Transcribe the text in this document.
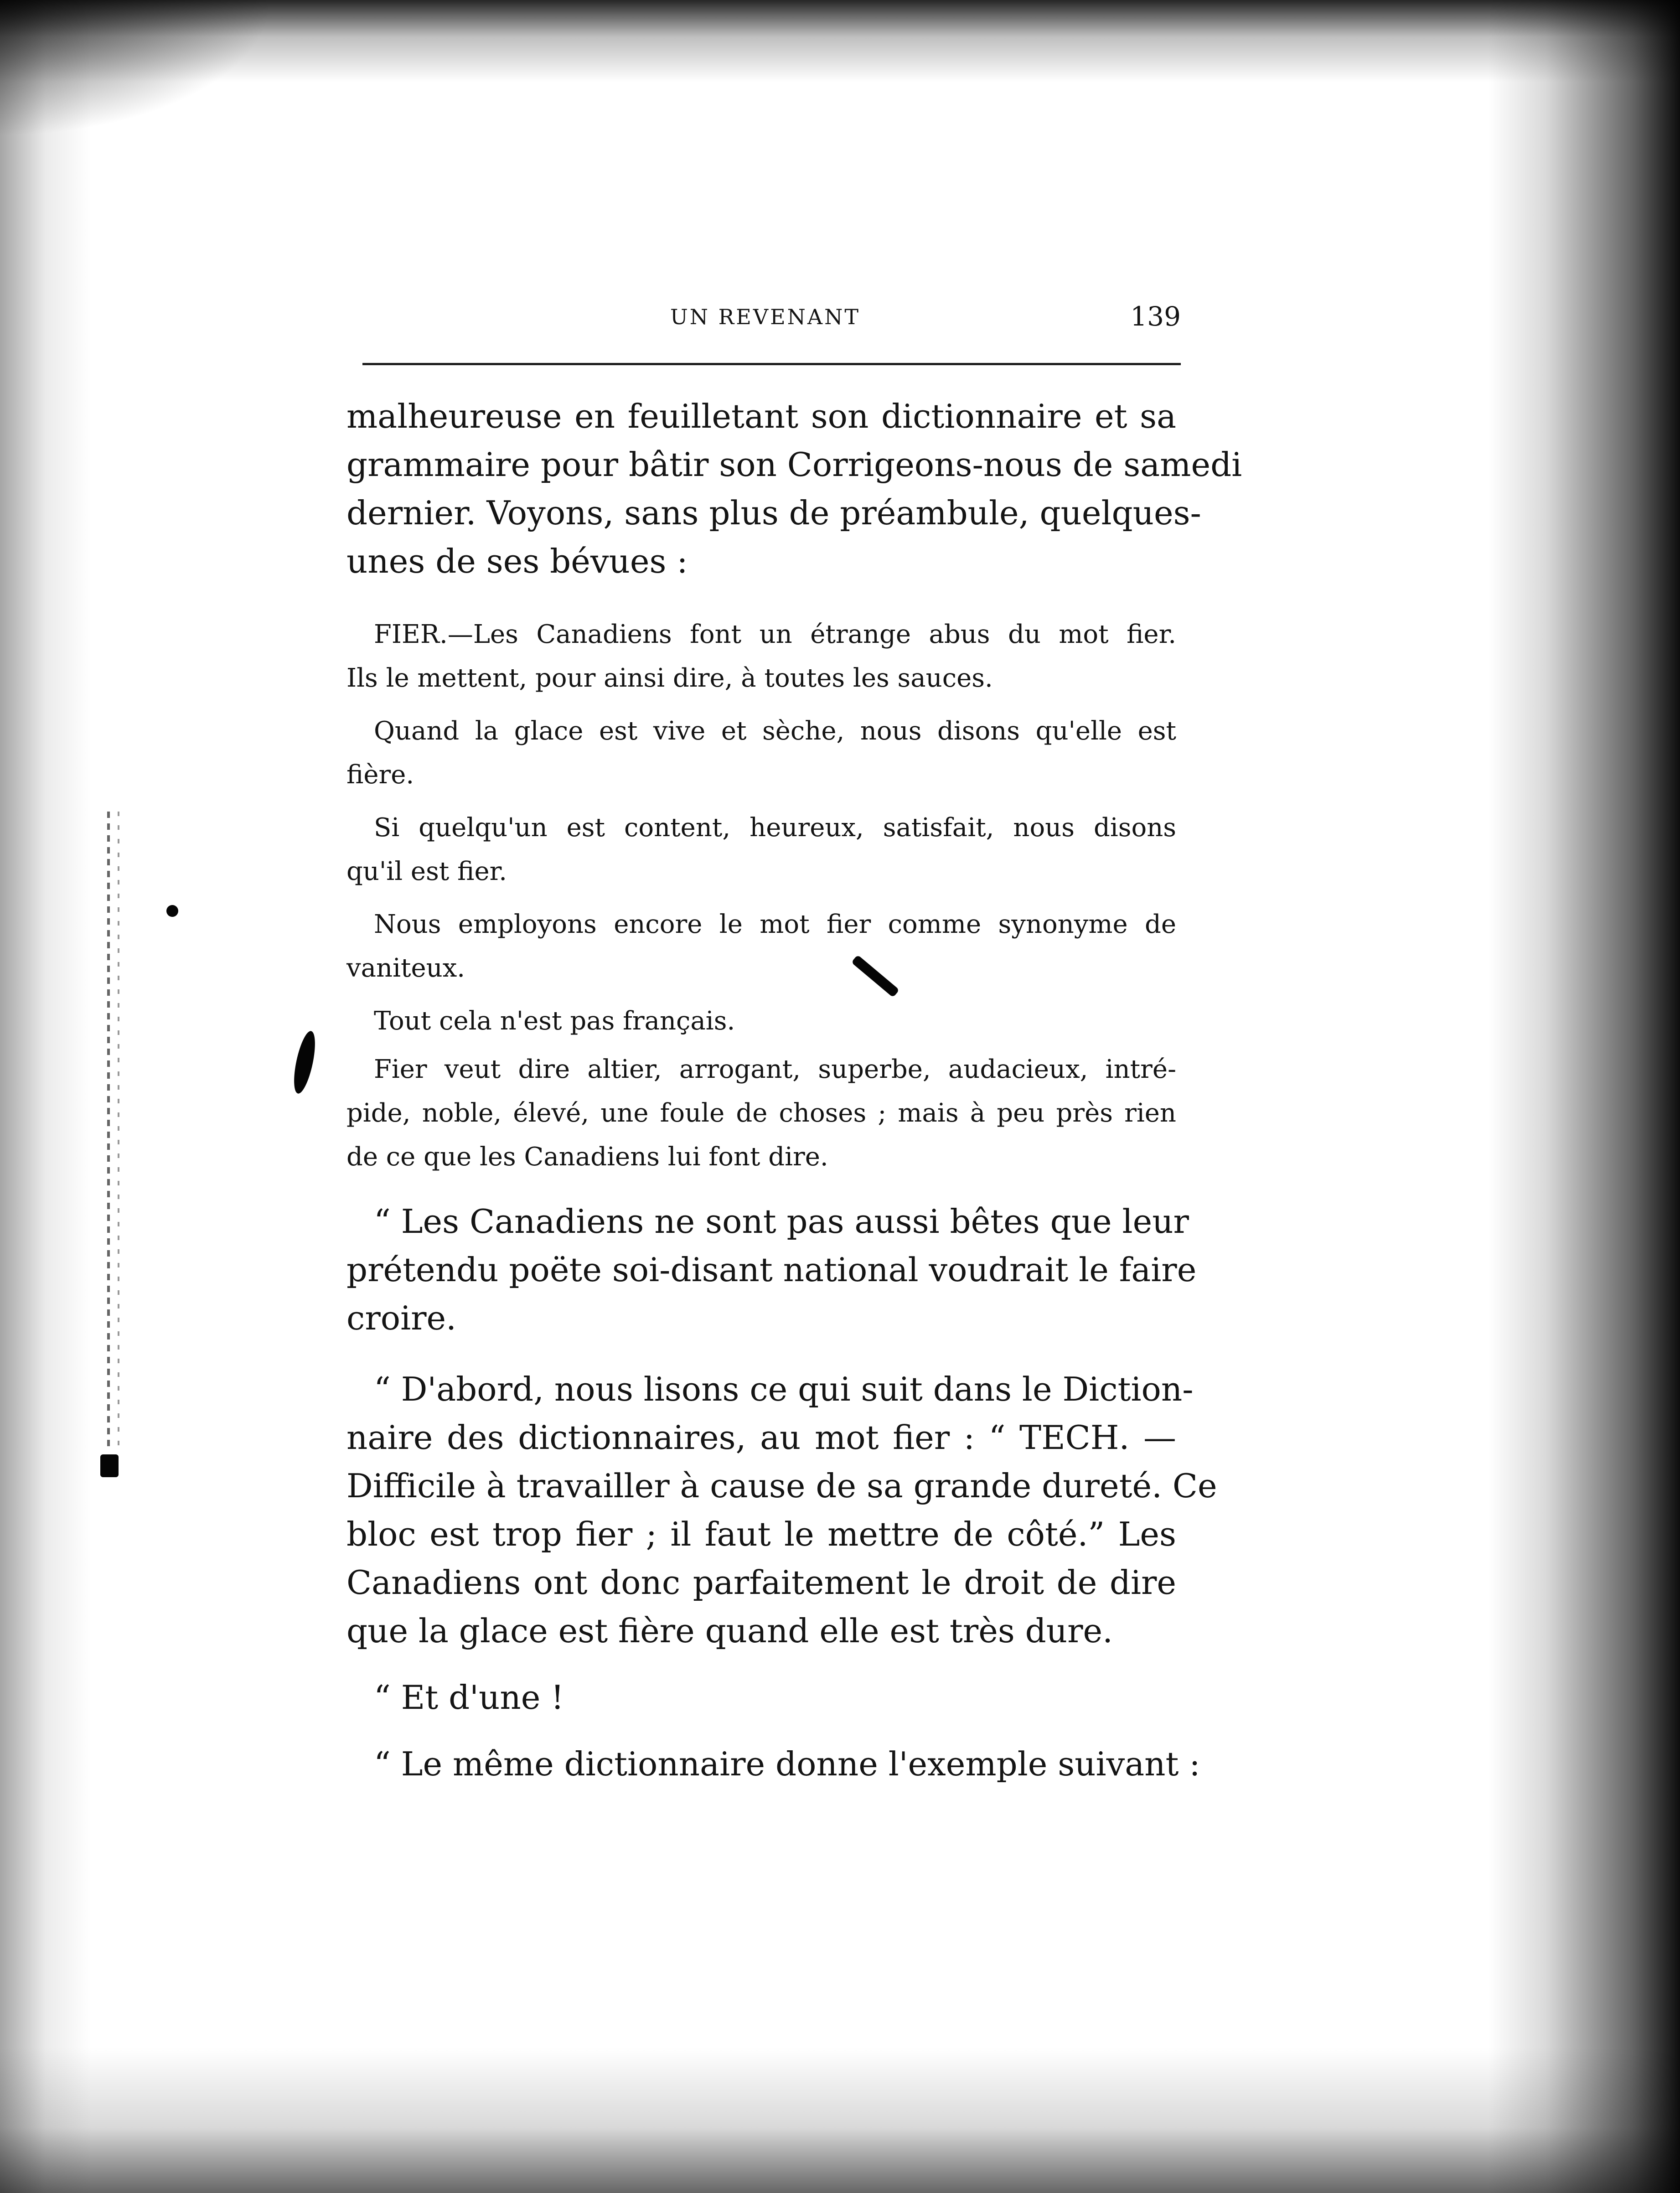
UN REVENANT	139
malheureuse en feuilletant son dictionnaire et sa
grammaire pour bâtir son Corrigeons-nous de samedi
dernier. Voyons, sans plus de préambule, quelques-
unes de ses bévues :
FIER.—Les Canadiens font un étrange abus du mot fier.
Ils le mettent, pour ainsi dire, à toutes les sauces.
Quand la glace est vive et sèche, nous disons qu'elle est
fière.
Si quelqu'un est content, heureux, satisfait, nous disons
qu'il est fier.
Nous employons encore le mot fier comme synonyme de
vaniteux.
Tout cela n'est pas français.
Fier veut dire altier, arrogant, superbe, audacieux, intré-
pide, noble, élevé, une foule de choses ; mais à peu près rien
de ce que les Canadiens lui font dire.
“ Les Canadiens ne sont pas aussi bêtes que leur
prétendu poëte soi-disant national voudrait le faire
croire.
“ D'abord, nous lisons ce qui suit dans le Diction-
naire des dictionnaires, au mot fier : “ TECH. —
Difficile à travailler à cause de sa grande dureté. Ce
bloc est trop fier ; il faut le mettre de côté.” Les
Canadiens ont donc parfaitement le droit de dire
que la glace est fière quand elle est très dure.
“ Et d'une !
“ Le même dictionnaire donne l'exemple suivant :
